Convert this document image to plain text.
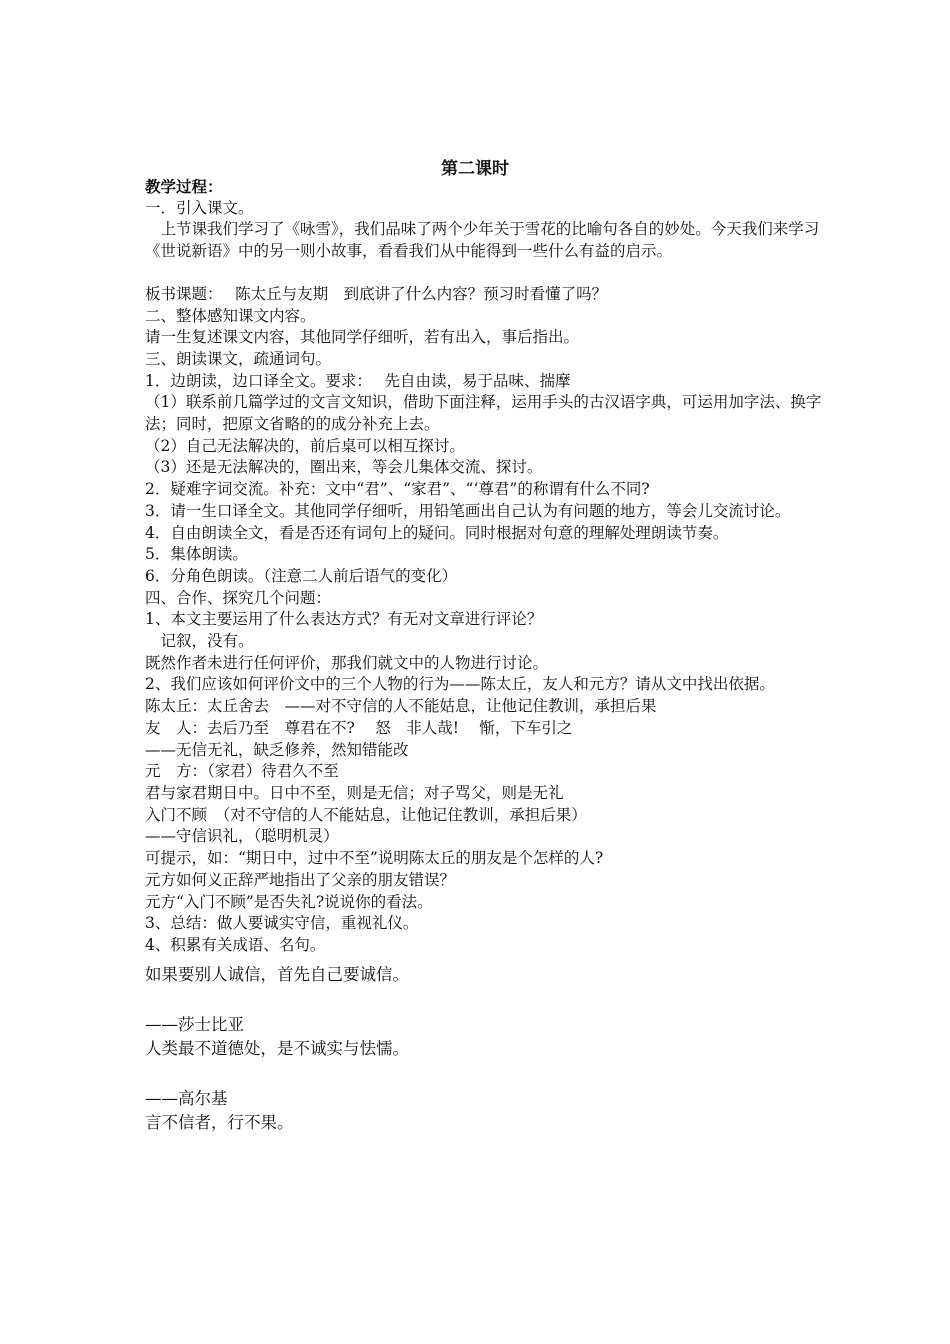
第二课时

教学过程：

一．引入课文。

上节课我们学习了《咏雪》，我们品味了两个少年关于雪花的比喻句各自的妙处。今天我们来学习《世说新语》中的另一则小故事，看看我们从中能得到一些什么有益的启示。

板书课题：　 陈太丘与友期　到底讲了什么内容？预习时看懂了吗？

二、整体感知课文内容。

请一生复述课文内容，其他同学仔细听，若有出入，事后指出。

三、朗读课文，疏通词句。

1．边朗读，边口译全文。要求：　 先自由读，易于品味、揣摩

（1）联系前几篇学过的文言文知识，借助下面注释，运用手头的古汉语字典，可运用加字法、换字法；同时，把原文省略的的成分补充上去。

（2）自己无法解决的，前后桌可以相互探讨。

（3）还是无法解决的，圈出来，等会儿集体交流、探讨。

2．疑难字词交流。补充：文中“君”、“家君”、“‘尊君”的称谓有什么不同?

3．请一生口译全文。其他同学仔细听，用铅笔画出自己认为有问题的地方，等会儿交流讨论。

4．自由朗读全文，看是否还有词句上的疑问。同时根据对句意的理解处理朗读节奏。

5．集体朗读。

6．分角色朗读。（注意二人前后语气的变化）

四、合作、探究几个问题：

1、本文主要运用了什么表达方式？有无对文章进行评论？

记叙，没有。

既然作者未进行任何评价，那我们就文中的人物进行讨论。

2、我们应该如何评价文中的三个人物的行为——陈太丘，友人和元方？请从文中找出依据。

陈太丘：太丘舍去　——对不守信的人不能姑息，让他记住教训，承担后果

友　人：去后乃至　尊君在不?　 怒　非人哉!　 惭，下车引之

——无信无礼，缺乏修养，然知错能改

元　方：（家君）待君久不至

君与家君期日中。日中不至，则是无信；对子骂父，则是无礼

入门不顾　（对不守信的人不能姑息，让他记住教训，承担后果）

——守信识礼，（聪明机灵）

可提示，如：“期日中，过中不至”说明陈太丘的朋友是个怎样的人?

元方如何义正辞严地指出了父亲的朋友错误？

元方“入门不顾”是否失礼?说说你的看法。

3、总结：做人要诚实守信，重视礼仪。

4、积累有关成语、名句。

如果要别人诚信，首先自己要诚信。

——莎士比亚

人类最不道德处，是不诚实与怯懦。

——高尔基

言不信者，行不果。
